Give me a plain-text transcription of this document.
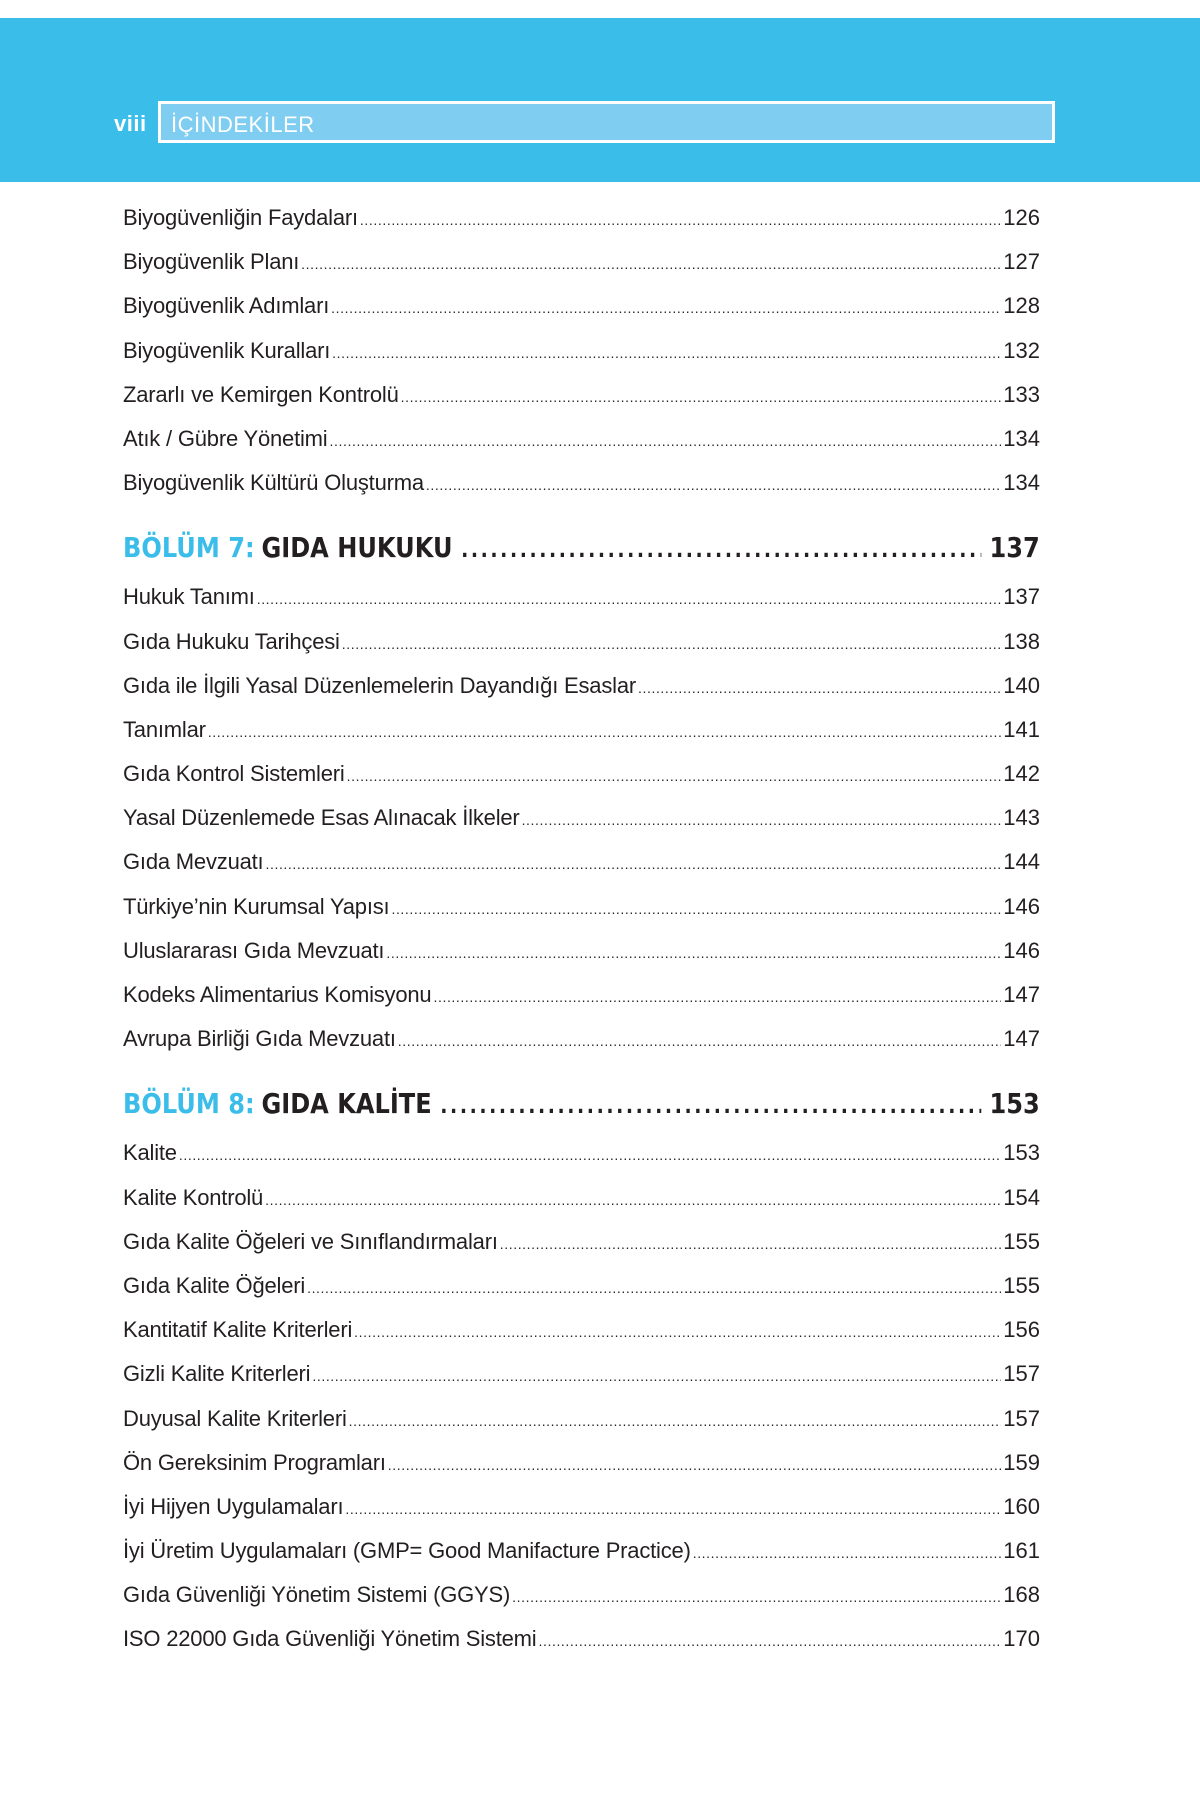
viii İÇİNDEKİLER
Biyogüvenliğin Faydaları .....	126
Biyogüvenlik Planı .....	127
Biyogüvenlik Adımları .....	128
Biyogüvenlik Kuralları .....	132
Zararlı ve Kemirgen Kontrolü .....	133
Atık / Gübre Yönetimi .....	134
Biyogüvenlik Kültürü Oluşturma .....	134
BÖLÜM 7: GIDA HUKUKU .....	137
Hukuk Tanımı .....	137
Gıda Hukuku Tarihçesi .....	138
Gıda ile İlgili Yasal Düzenlemelerin Dayandığı Esaslar .....	140
Tanımlar .....	141
Gıda Kontrol Sistemleri .....	142
Yasal Düzenlemede Esas Alınacak İlkeler .....	143
Gıda Mevzuatı .....	144
Türkiye’nin Kurumsal Yapısı .....	146
Uluslararası Gıda Mevzuatı .....	146
Kodeks Alimentarius Komisyonu .....	147
Avrupa Birliği Gıda Mevzuatı .....	147
BÖLÜM 8: GIDA KALİTE .....	153
Kalite .....	153
Kalite Kontrolü .....	154
Gıda Kalite Öğeleri ve Sınıflandırmaları .....	155
Gıda Kalite Öğeleri .....	155
Kantitatif Kalite Kriterleri .....	156
Gizli Kalite Kriterleri .....	157
Duyusal Kalite Kriterleri .....	157
Ön Gereksinim Programları .....	159
İyi Hijyen Uygulamaları .....	160
İyi Üretim Uygulamaları (GMP= Good Manifacture Practice) .....	161
Gıda Güvenliği Yönetim Sistemi (GGYS) .....	168
ISO 22000 Gıda Güvenliği Yönetim Sistemi .....	170
